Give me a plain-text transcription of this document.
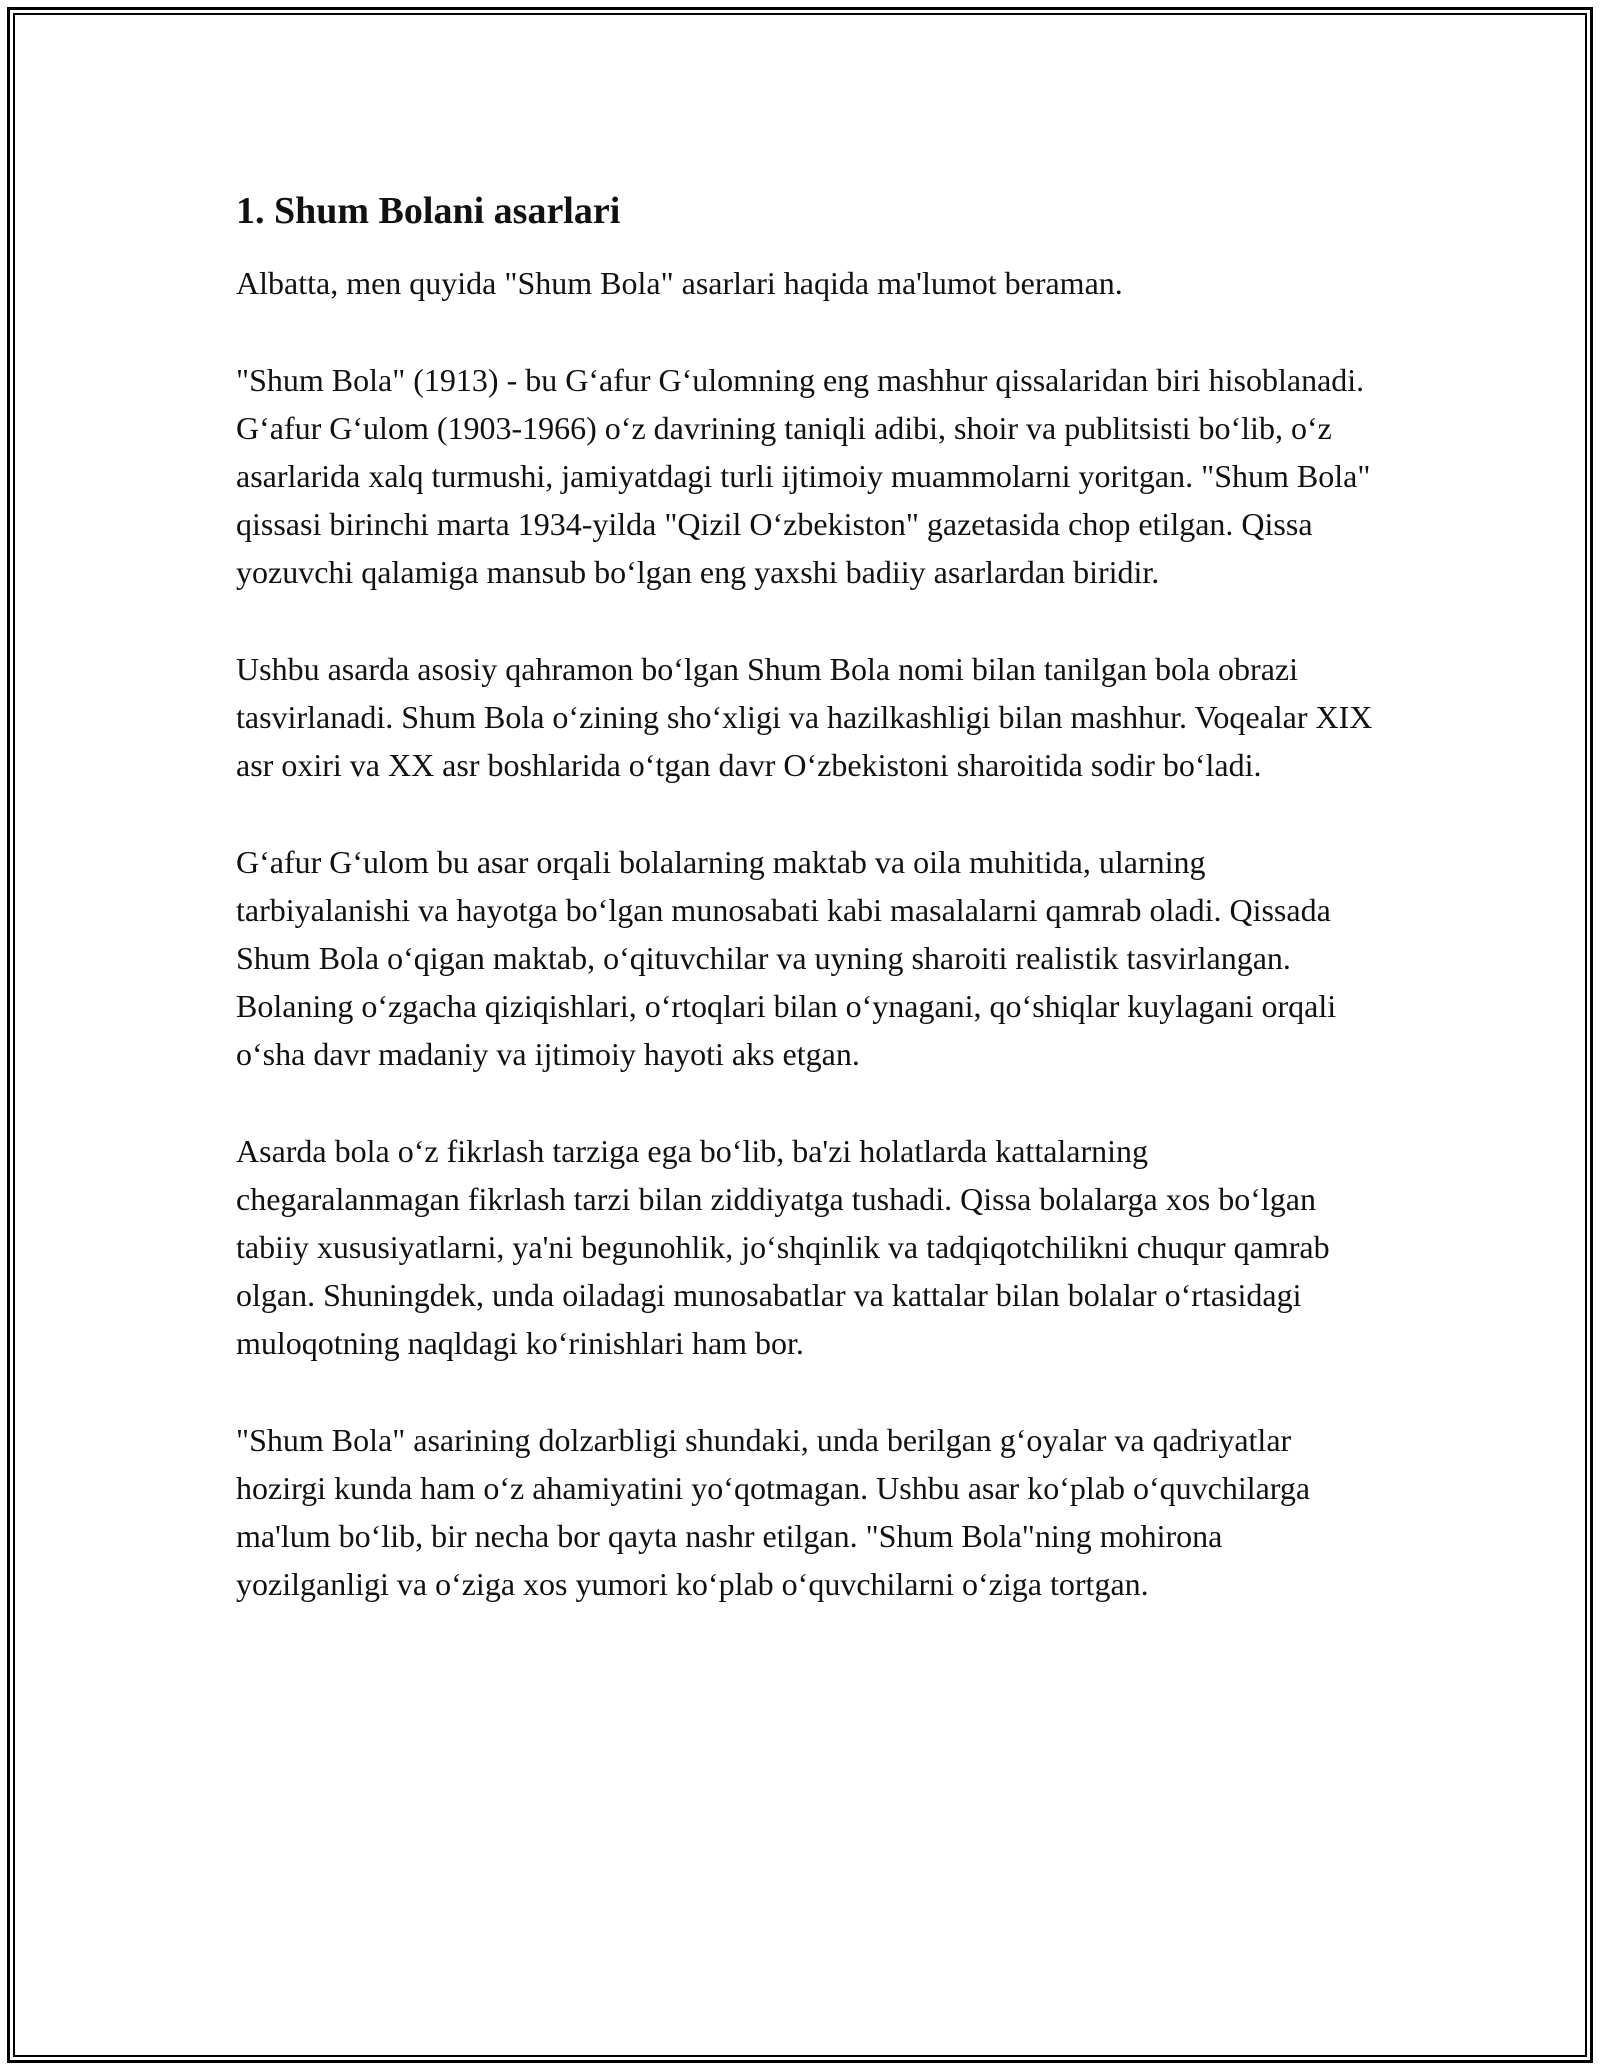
1. Shum Bolani asarlari

Albatta, men quyida "Shum Bola" asarlari haqida ma'lumot beraman.

"Shum Bola" (1913) - bu G‘afur G‘ulomning eng mashhur qissalaridan biri hisoblanadi. G‘afur G‘ulom (1903-1966) o‘z davrining taniqli adibi, shoir va publitsisti bo‘lib, o‘z asarlarida xalq turmushi, jamiyatdagi turli ijtimoiy muammolarni yoritgan. "Shum Bola" qissasi birinchi marta 1934-yilda "Qizil O‘zbekiston" gazetasida chop etilgan. Qissa yozuvchi qalamiga mansub bo‘lgan eng yaxshi badiiy asarlardan biridir.

Ushbu asarda asosiy qahramon bo‘lgan Shum Bola nomi bilan tanilgan bola obrazi tasvirlanadi. Shum Bola o‘zining sho‘xligi va hazilkashligi bilan mashhur. Voqealar XIX asr oxiri va XX asr boshlarida o‘tgan davr O‘zbekistoni sharoitida sodir bo‘ladi.

G‘afur G‘ulom bu asar orqali bolalarning maktab va oila muhitida, ularning tarbiyalanishi va hayotga bo‘lgan munosabati kabi masalalarni qamrab oladi. Qissada Shum Bola o‘qigan maktab, o‘qituvchilar va uyning sharoiti realistik tasvirlangan. Bolaning o‘zgacha qiziqishlari, o‘rtoqlari bilan o‘ynagani, qo‘shiqlar kuylagani orqali o‘sha davr madaniy va ijtimoiy hayoti aks etgan.

Asarda bola o‘z fikrlash tarziga ega bo‘lib, ba'zi holatlarda kattalarning chegaralanmagan fikrlash tarzi bilan ziddiyatga tushadi. Qissa bolalarga xos bo‘lgan tabiiy xususiyatlarni, ya'ni begunohlik, jo‘shqinlik va tadqiqotchilikni chuqur qamrab olgan. Shuningdek, unda oiladagi munosabatlar va kattalar bilan bolalar o‘rtasidagi muloqotning naqldagi ko‘rinishlari ham bor.

"Shum Bola" asarining dolzarbligi shundaki, unda berilgan g‘oyalar va qadriyatlar hozirgi kunda ham o‘z ahamiyatini yo‘qotmagan. Ushbu asar ko‘plab o‘quvchilarga ma'lum bo‘lib, bir necha bor qayta nashr etilgan. "Shum Bola"ning mohirona yozilganligi va o‘ziga xos yumori ko‘plab o‘quvchilarni o‘ziga tortgan.
